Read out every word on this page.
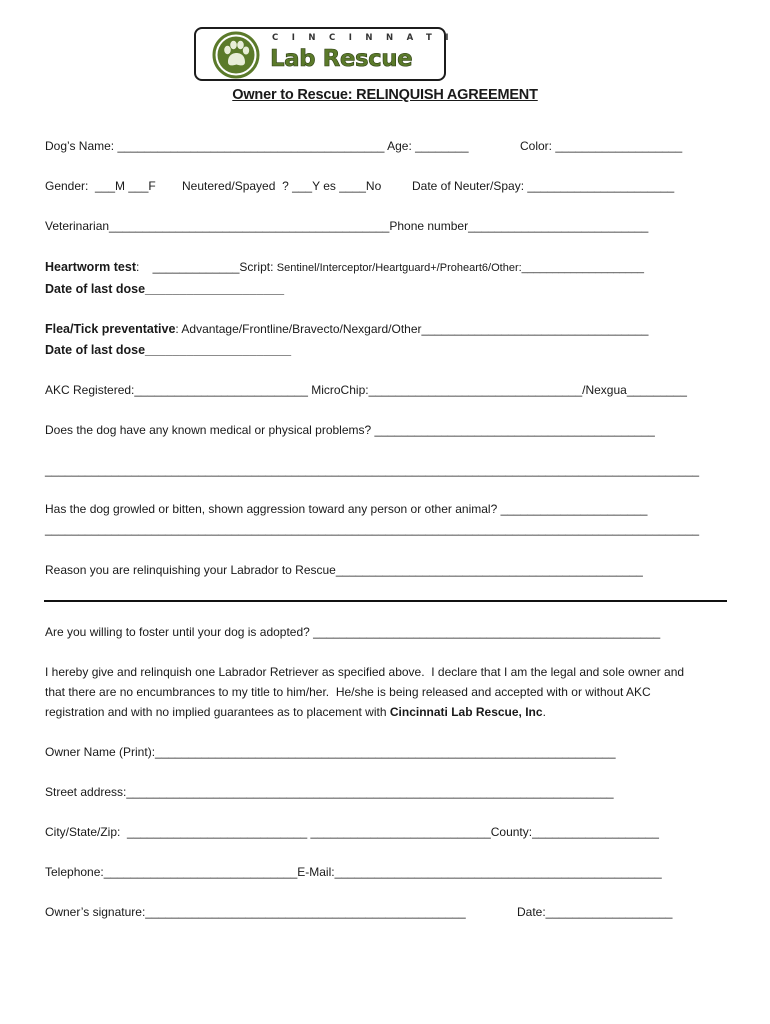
CINCINNATI
Lab Rescue
Owner to Rescue: RELINQUISH AGREEMENT
Dog’s Name: ________________________________________ Age: ________	Color: ___________________
Gender:  ___M ___F Neutered/Spayed  ? ___Y es ____No	Date of Neuter/Spay: ______________________
Veterinarian__________________________________________Phone number___________________________
Heartworm test:    _____________Script: Sentinel/Interceptor/Heartguard+/Proheart6/Other:____________________
Date of last dose____________________
Flea/Tick preventative: Advantage/Frontline/Bravecto/Nexgard/Other__________________________________
Date of last dose_____________________
AKC Registered:__________________________ MicroChip:________________________________/Nexgua_________
Does the dog have any known medical or physical problems? __________________________________________
__________________________________________________________________________________________________
Has the dog growled or bitten, shown aggression toward any person or other animal? ______________________
__________________________________________________________________________________________________
Reason you are relinquishing your Labrador to Rescue______________________________________________
Are you willing to foster until your dog is adopted? ____________________________________________________
I hereby give and relinquish one Labrador Retriever as specified above.  I declare that I am the legal and sole owner and
that there are no encumbrances to my title to him/her.  He/she is being released and accepted with or without AKC
registration and with no implied guarantees as to placement with Cincinnati Lab Rescue, Inc.
Owner Name (Print):_____________________________________________________________________
Street address:_________________________________________________________________________
City/State/Zip:  ___________________________ ___________________________County:___________________
Telephone:_____________________________E-Mail:_________________________________________________
Owner’s signature:________________________________________________	Date:___________________
